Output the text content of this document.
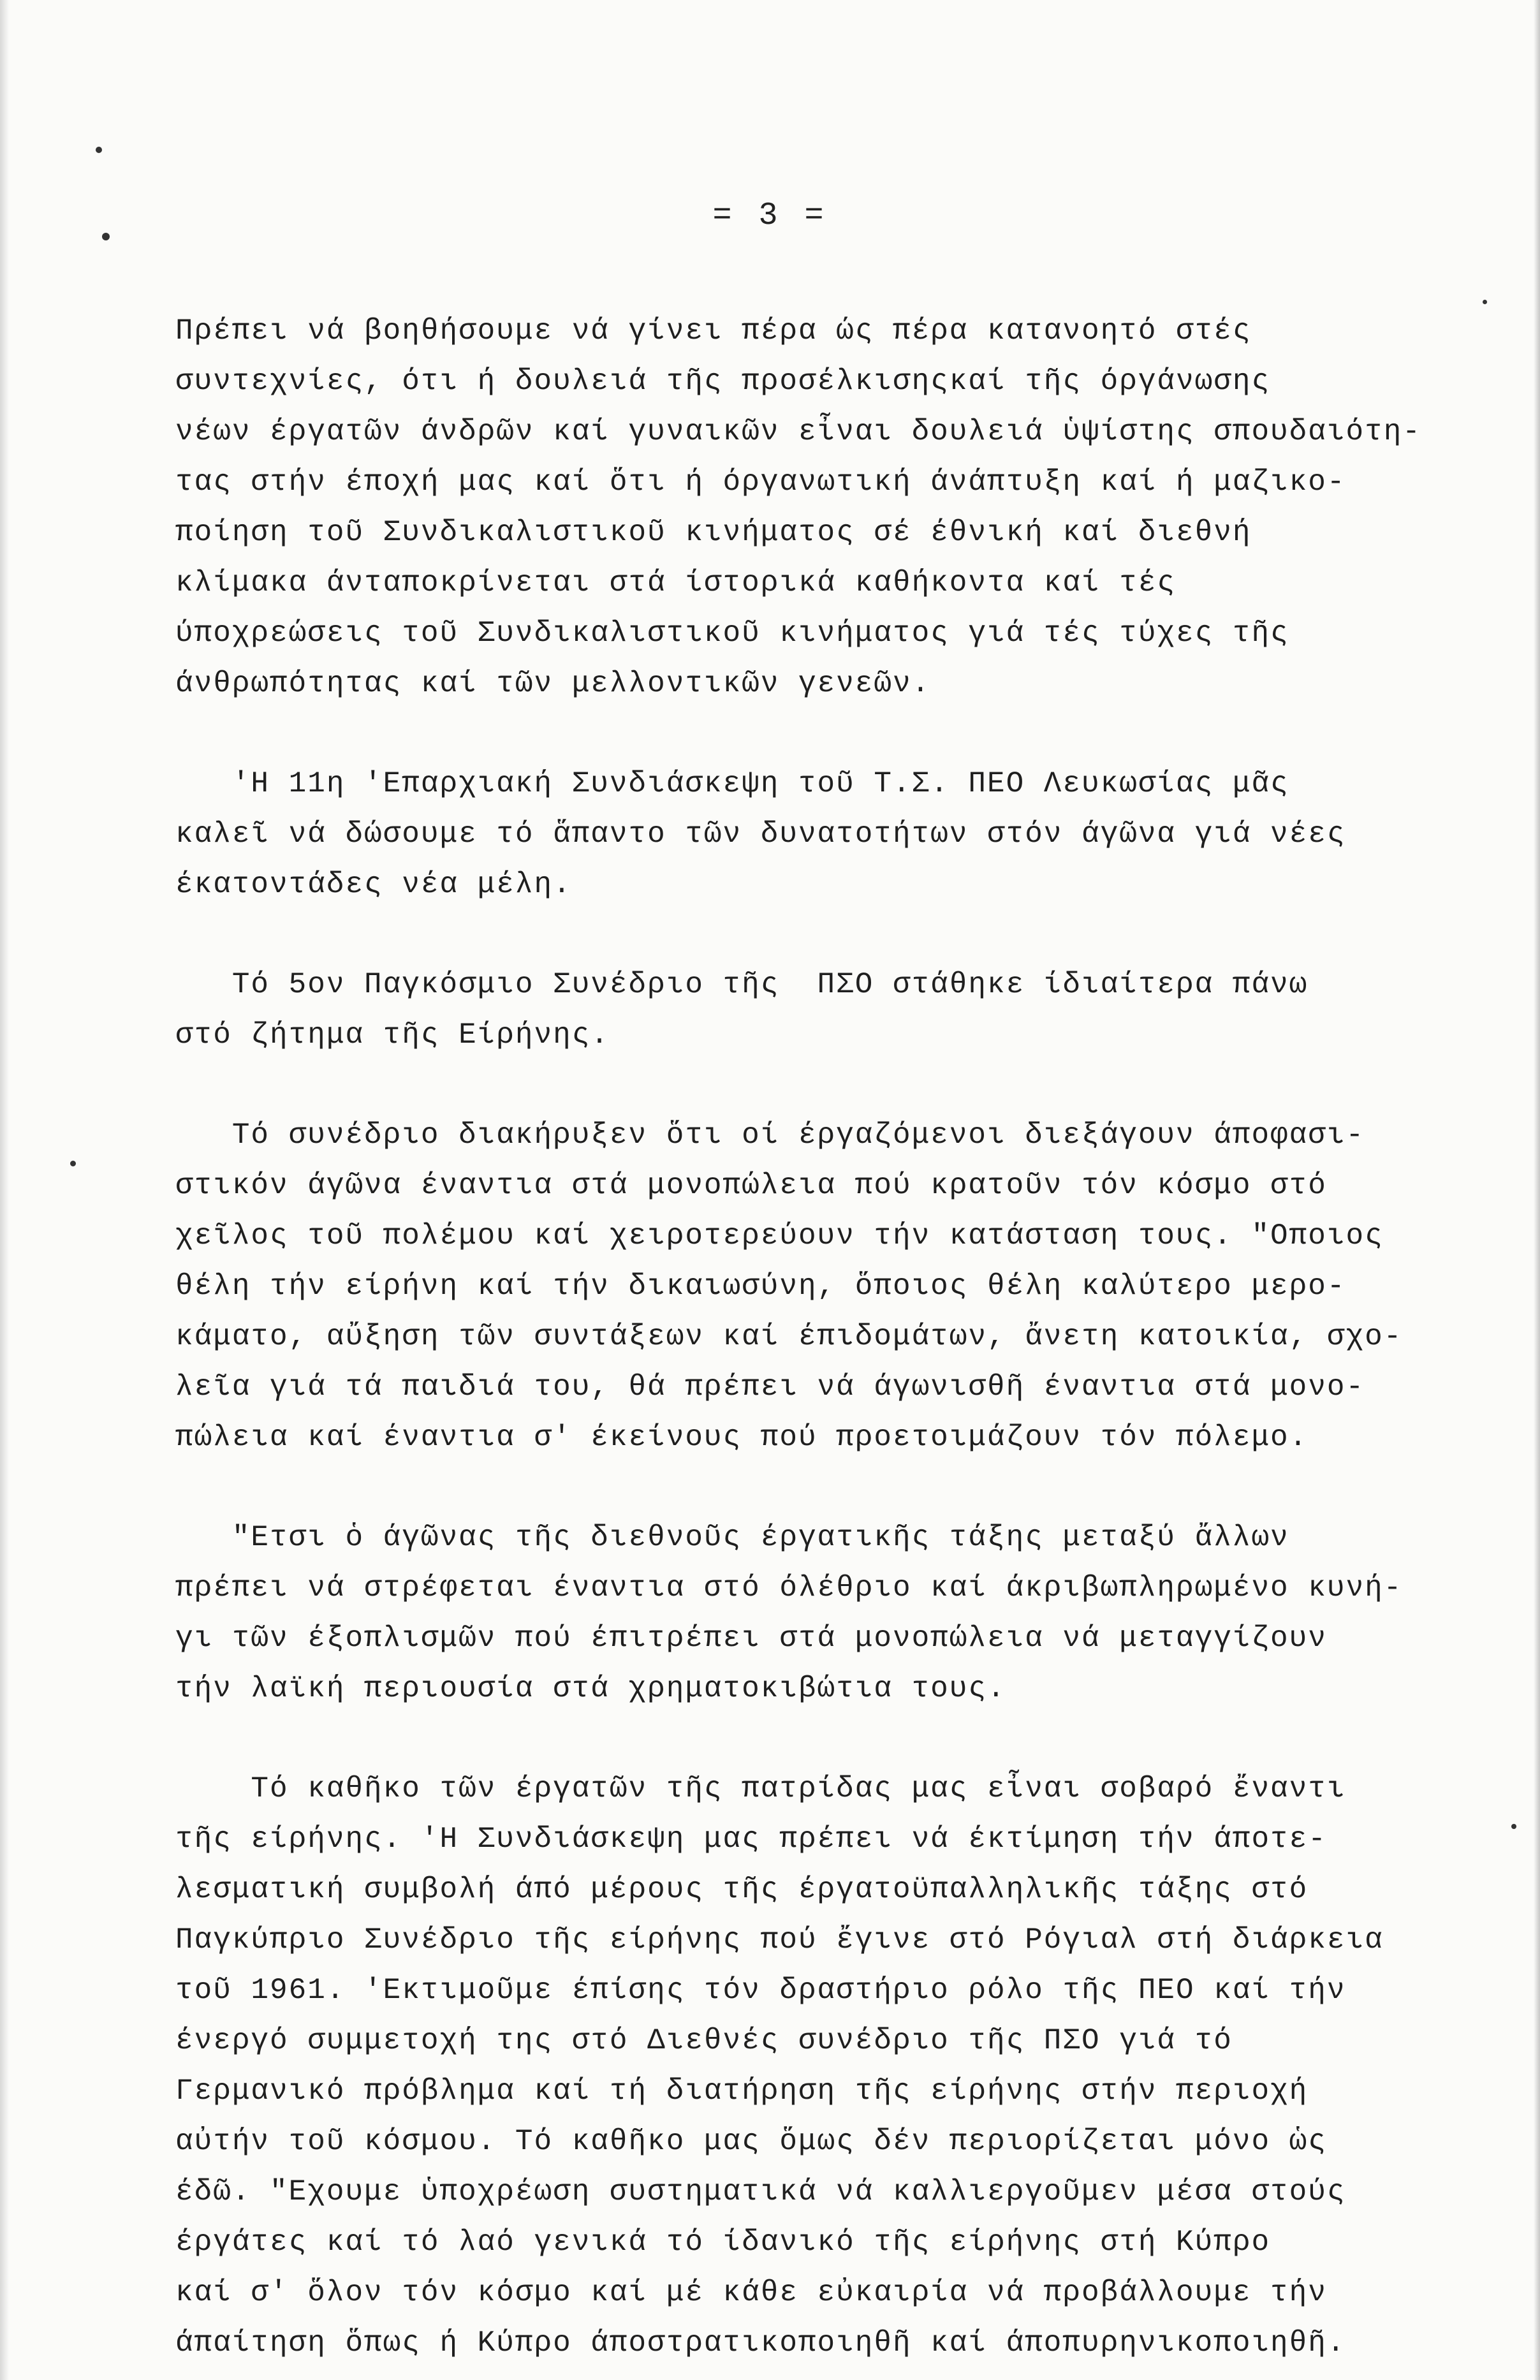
= 3 =
Πρέπει νά βοηθήσουμε νά γίνει πέρα ώς πέρα κατανοητό στές
συντεχνίες, ότι ή δουλειά τῆς προσέλκισηςκαί τῆς όργάνωσης
νέων έργατῶν άνδρῶν καί γυναικῶν εἶναι δουλειά ὑψίστης σπουδαιότη-
τας στήν έποχή μας καί ὅτι ή όργανωτική άνάπτυξη καί ή μαζικο-
ποίηση τοῦ Συνδικαλιστικοῦ κινήματος σέ έθνική καί διεθνή
κλίμακα άνταποκρίνεται στά ίστορικά καθήκοντα καί τές
ύποχρεώσεις τοῦ Συνδικαλιστικοῦ κινήματος γιά τές τύχες τῆς
άνθρωπότητας καί τῶν μελλοντικῶν γενεῶν.
'Η 11η 'Επαρχιακή Συνδιάσκεψη τοῦ Τ.Σ. ΠΕΟ Λευκωσίας μᾶς
καλεῖ νά δώσουμε τό ἅπαντο τῶν δυνατοτήτων στόν άγῶνα γιά νέες
έκατοντάδες νέα μέλη.
Τό 5ον Παγκόσμιο Συνέδριο τῆς  ΠΣΟ στάθηκε ίδιαίτερα πάνω
στό ζήτημα τῆς Είρήνης.
Τό συνέδριο διακήρυξεν ὅτι οί έργαζόμενοι διεξάγουν άποφασι-
στικόν άγῶνα έναντια στά μονοπώλεια πού κρατοῦν τόν κόσμο στό
χεῖλος τοῦ πολέμου καί χειροτερεύουν τήν κατάσταση τους. "Οποιος
θέλη τήν είρήνη καί τήν δικαιωσύνη, ὅποιος θέλη καλύτερο μερο-
κάματο, αὔξηση τῶν συντάξεων καί έπιδομάτων, ἄνετη κατοικία, σχο-
λεῖα γιά τά παιδιά του, θά πρέπει νά άγωνισθῆ έναντια στά μονο-
πώλεια καί έναντια σ' έκείνους πού προετοιμάζουν τόν πόλεμο.
"Ετσι ὁ άγῶνας τῆς διεθνοῦς έργατικῆς τάξης μεταξύ ἄλλων
πρέπει νά στρέφεται έναντια στό όλέθριο καί άκριβωπληρωμένο κυνή-
γι τῶν έξοπλισμῶν πού έπιτρέπει στά μονοπώλεια νά μεταγγίζουν
τήν λαϊκή περιουσία στά χρηματοκιβώτια τους.
Τό καθῆκο τῶν έργατῶν τῆς πατρίδας μας εἶναι σοβαρό ἔναντι
τῆς είρήνης. 'Η Συνδιάσκεψη μας πρέπει νά έκτίμηση τήν άποτε-
λεσματική συμβολή άπό μέρους τῆς έργατοϋπαλληλικῆς τάξης στό
Παγκύπριο Συνέδριο τῆς είρήνης πού ἔγινε στό Ρόγιαλ στή διάρκεια
τοῦ 1961. 'Εκτιμοῦμε έπίσης τόν δραστήριο ρόλο τῆς ΠΕΟ καί τήν
ένεργό συμμετοχή της στό Διεθνές συνέδριο τῆς ΠΣΟ γιά τό
Γερμανικό πρόβλημα καί τή διατήρηση τῆς είρήνης στήν περιοχή
αὐτήν τοῦ κόσμου. Τό καθῆκο μας ὅμως δέν περιορίζεται μόνο ὡς
έδῶ. "Εχουμε ὑποχρέωση συστηματικά νά καλλιεργοῦμεν μέσα στούς
έργάτες καί τό λαό γενικά τό ίδανικό τῆς είρήνης στή Κύπρο
καί σ' ὅλον τόν κόσμο καί μέ κάθε εὐκαιρία νά προβάλλουμε τήν
άπαίτηση ὅπως ή Κύπρο άποστρατικοποιηθῆ καί άποπυρηνικοποιηθῆ.
